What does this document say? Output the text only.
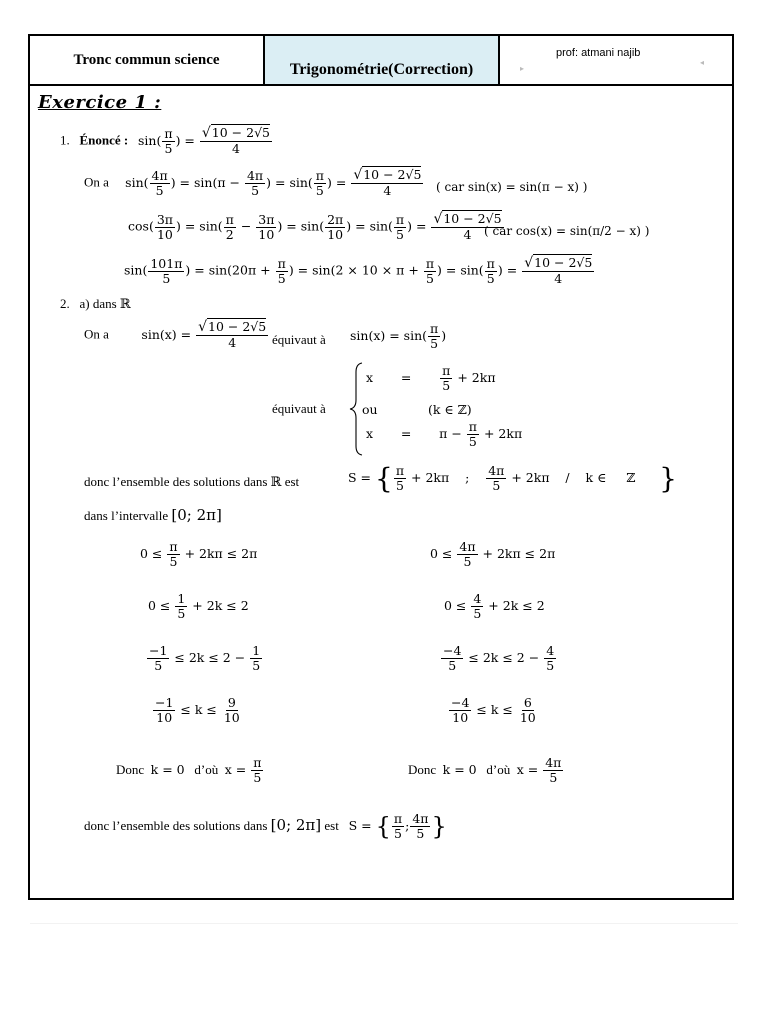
Tronc commun science
Trigonométrie(Correction)
prof: atmani najib
▸
◂
Exercice 1 :
1. Énoncé : $\sin( \frac{\pi}{5}$ ) = $\frac{√10 - 2√5}{4}$
On a $\sin( \frac{4\pi}{5}$ ) = $\sin(\pi - \frac{4\pi}{5}$ ) = $\sin( \frac{\pi}{5}$ ) = $\frac{√10 - 2√5}{4}$ ( car sin(x) = sin(π − x) )
$\cos( \frac{3\pi}{10}$ ) = $\sin( \frac{\pi}{2} - \frac{3\pi}{10}$ ) = $\sin( \frac{2\pi}{10}$ ) = $\sin( \frac{\pi}{5}$ ) = $\frac{√10 - 2√5}{4}$
( car cos(x) = sin(π/2 − x) )
$\sin( \frac{101\pi}{5}$ ) = $\sin(20\pi + \frac{\pi}{5}$ ) = $\sin(2 \times 10 \times \pi + \frac{\pi}{5}$ ) = $\sin( \frac{\pi}{5}$ ) = $\frac{√10 - 2√5}{4}$
2. a) dans ℝ
On a	$\sin(x) = \frac{√10 - 2√5}{4}$ équivaut à $\sin(x) = \sin( \frac{\pi}{5}$ )
équivaut à
x       = $\frac{\pi}{5} + 2k\pi$
ou	(k ∈ ℤ)
x       =       $\pi - \frac{\pi}{5} + 2k\pi$
donc l’ensemble des solutions dans ℝ est	S = { $\frac{\pi}{5} + 2k\pi$    ; $\frac{4\pi}{5} + 2k\pi$    /    k ∈     ℤ      }
dans l’intervalle [0; 2π]
$0 \le \frac{\pi}{5} + 2k\pi \le 2\pi$
$0 \le \frac{1}{5} + 2k \le 2$
$\frac{-1}{5} \le 2k \le 2 - \frac{1}{5}$
$\frac{-1}{10} \le k \le \frac{9}{10}$
Donc k = 0 d’où $x = \frac{\pi}{5}$
$0 \le \frac{4\pi}{5} + 2k\pi \le 2\pi$
$0 \le \frac{4}{5} + 2k \le 2$
$\frac{-4}{5} \le 2k \le 2 - \frac{4}{5}$
$\frac{-4}{10} \le k \le \frac{6}{10}$
Donc k = 0 d’où $x = \frac{4\pi}{5}$
donc l’ensemble des solutions dans [0; 2π] est S = { $\frac{\pi}{5}$ ; $\frac{4\pi}{5}$ }
